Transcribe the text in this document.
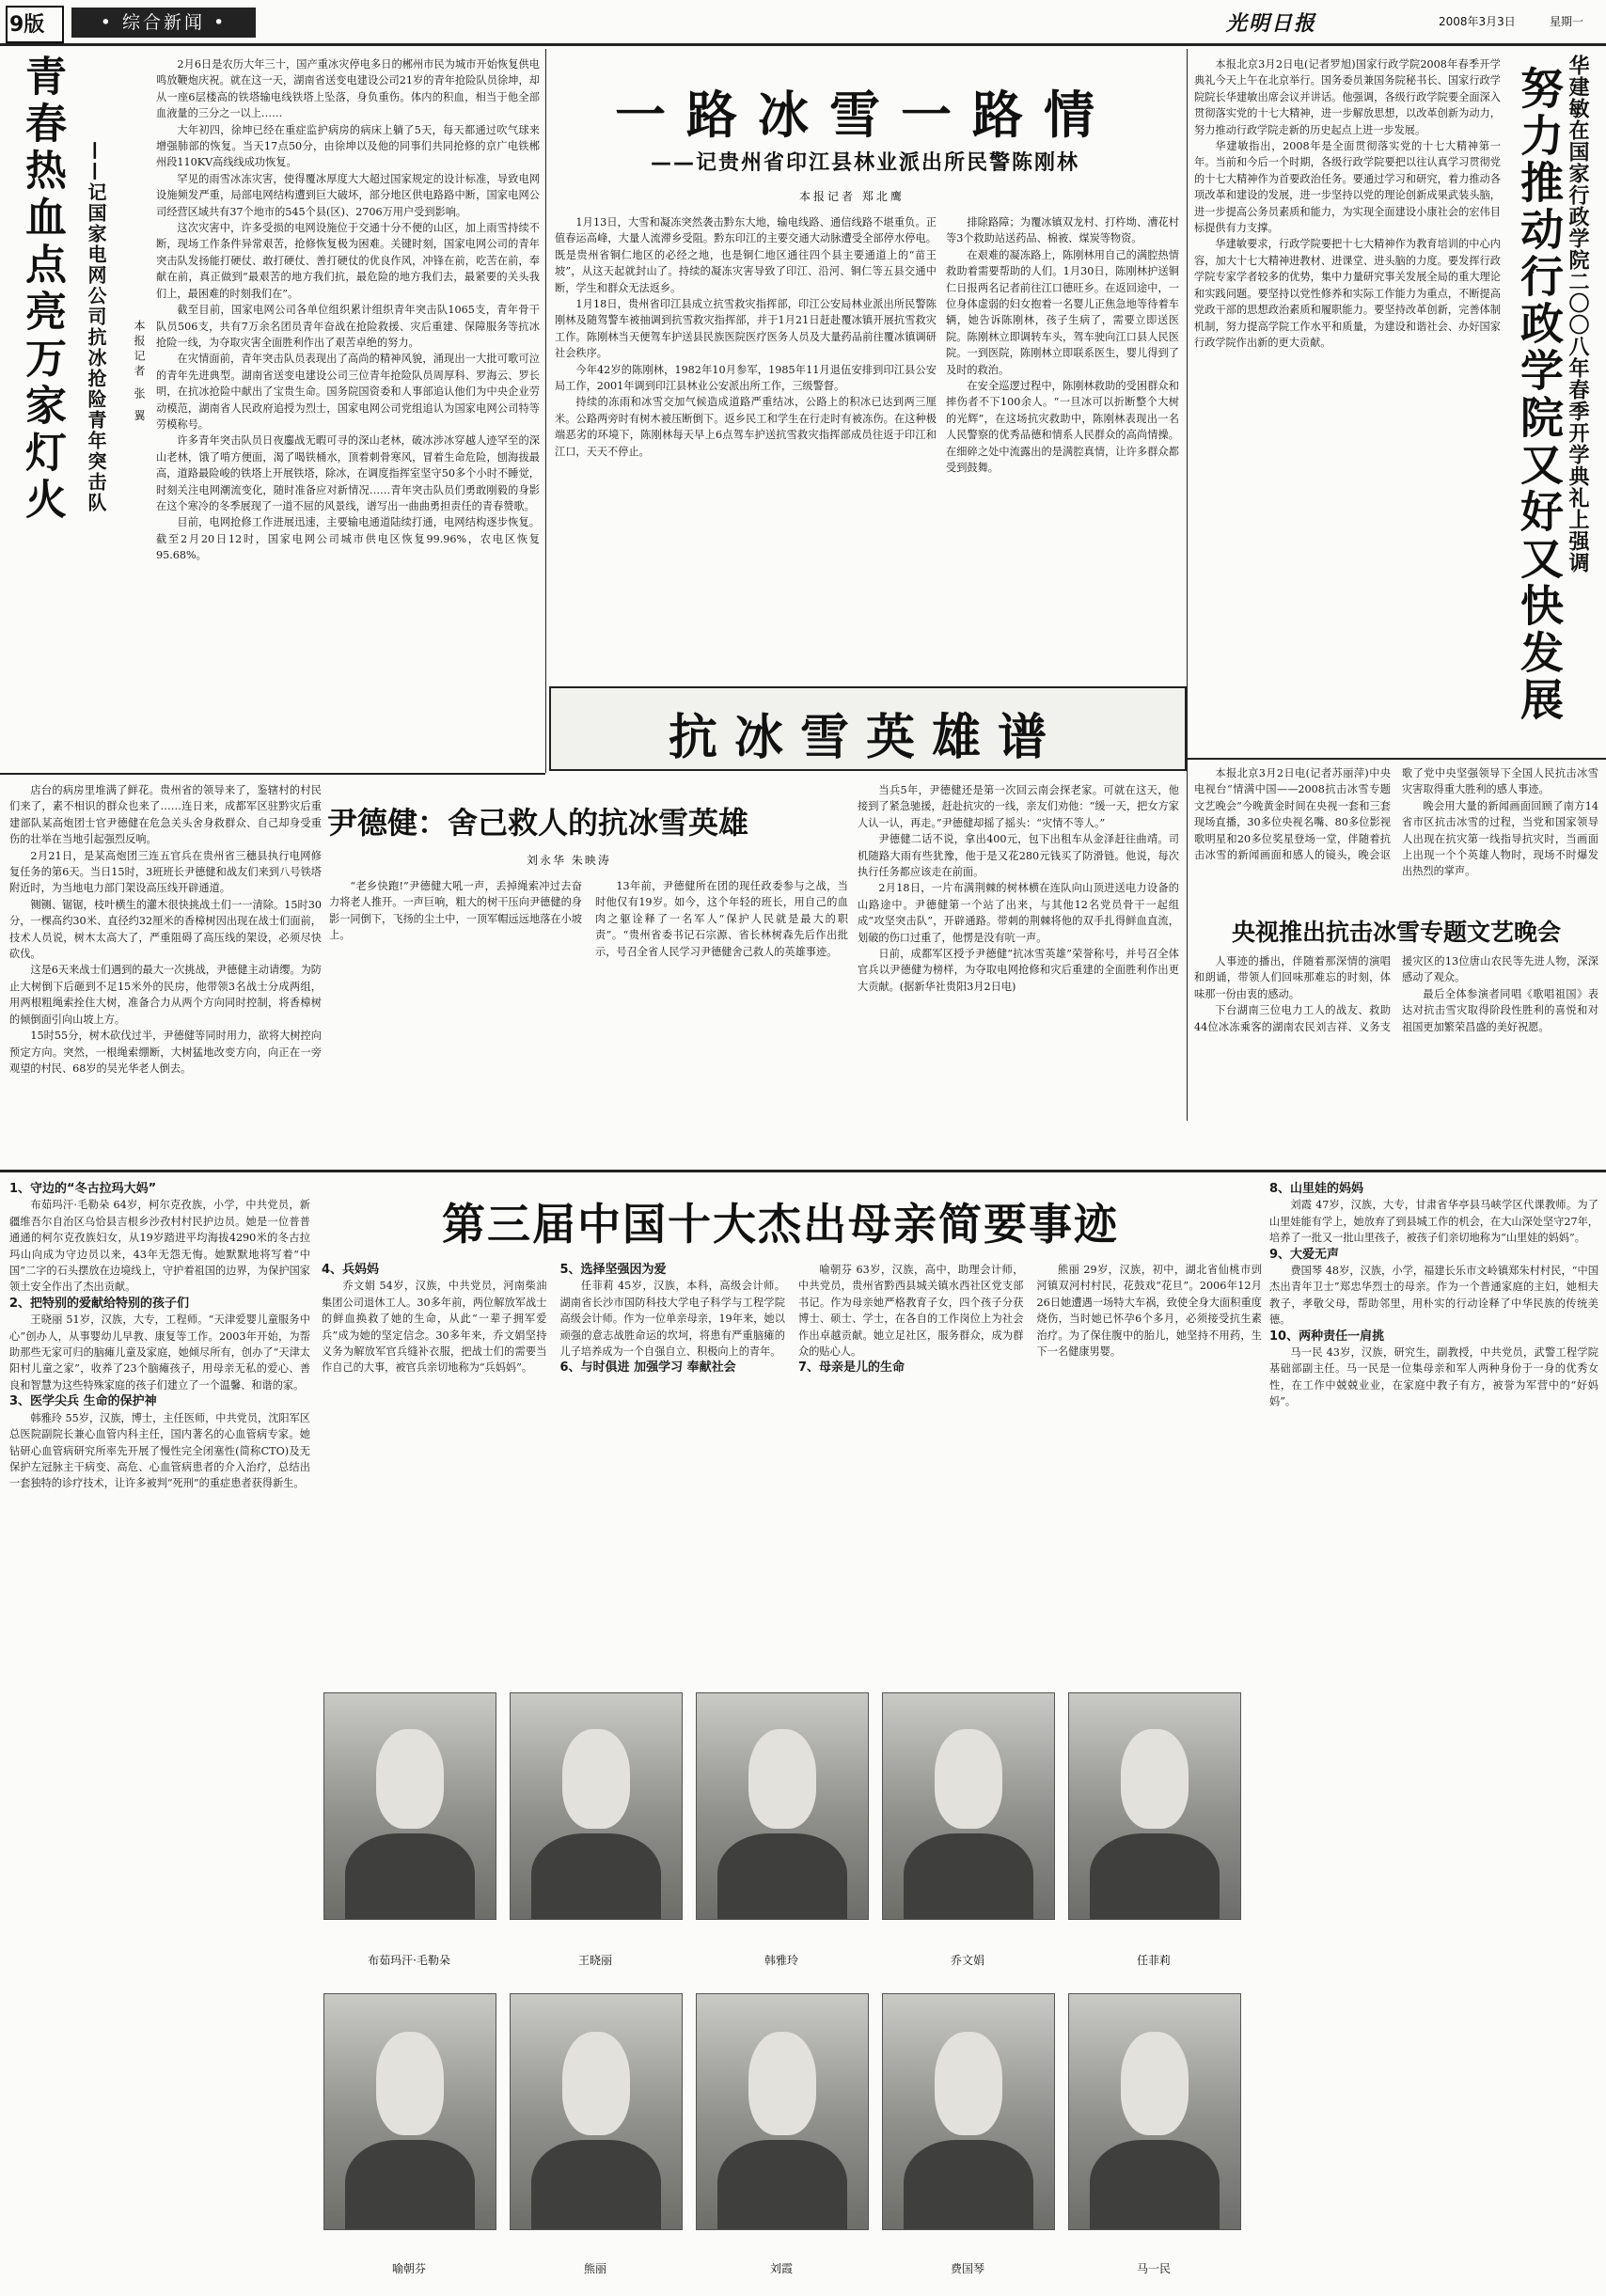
9版	• 综合新闻 •	光明日报	2008年3月3日	星期一
青春热血点亮万家灯火 ——记国家电网公司抗冰抢险青年突击队 本报记者 张 翼

2月6日是农历大年三十，国产重冰灾停电多日的郴州市民为城市开始恢复供电鸣放鞭炮庆祝。就在这一天，湖南省送变电建设公司21岁的青年抢险队员徐坤，却从一座6层楼高的铁塔输电线铁塔上坠落，身负重伤。体内的积血，相当于他全部血液量的三分之一以上……

大年初四，徐坤已经在重症监护病房的病床上躺了5天，每天都通过吹气球来增强肺部的恢复。当天17点50分，由徐坤以及他的同事们共同抢修的京广电铁郴州段110KV高线线成功恢复。

罕见的雨雪冰冻灾害，使得覆冰厚度大大超过国家规定的设计标准，导致电网设施频发严重，局部电网结构遭到巨大破坏，部分地区供电路路中断，国家电网公司经营区域共有37个地市的545个县(区)、2706万用户受到影响。

这次灾害中，许多受损的电网设施位于交通十分不便的山区，加上雨雪持续不断，现场工作条件异常艰苦，抢修恢复极为困难。关键时刻，国家电网公司的青年突击队发扬能打硬仗、敢打硬仗、善打硬仗的优良作风，冲锋在前，吃苦在前，奉献在前，真正做到“最艰苦的地方我们抗，最危险的地方我们去，最紧要的关头我们上，最困难的时刻我们在”。

截至目前，国家电网公司各单位组织累计组织青年突击队1065支，青年骨干队员506支，共有7万余名团员青年奋战在抢险救援、灾后重建、保障服务等抗冰抢险一线，为夺取灾害全面胜利作出了艰苦卓绝的努力。

在灾情面前，青年突击队员表现出了高尚的精神风貌，涌现出一大批可歌可泣的青年先进典型。湖南省送变电建设公司三位青年抢险队员周厚科、罗海云、罗长明，在抗冰抢险中献出了宝贵生命。国务院国资委和人事部追认他们为中央企业劳动模范，湖南省人民政府追授为烈士，国家电网公司党组追认为国家电网公司特等劳模称号。

许多青年突击队员日夜鏖战无暇可寻的深山老林，破冰涉冰穿越人迹罕至的深山老林，饿了啃方便面，渴了喝铁桶水，顶着刺骨寒风，冒着生命危险，刨海拔最高，道路最险峻的铁塔上开展铁塔，除冰，在调度指挥室坚守50多个小时不睡觉，时刻关注电网潮流变化，随时准备应对新情况……青年突击队员们勇敢刚毅的身影在这个寒冷的冬季展现了一道不屈的风景线，谱写出一曲曲勇担责任的青春赞歌。

目前，电网抢修工作进展迅速，主要输电通道陆续打通，电网结构逐步恢复。截至2月20日12时，国家电网公司城市供电区恢复99.96%，农电区恢复95.68%。

一路冰雪一路情
——记贵州省印江县林业派出所民警陈刚林
本报记者 郑北鹰

1月13日，大雪和凝冻突然袭击黔东大地，输电线路、通信线路不堪重负。正值春运高峰，大量人流滞乡受阻。黔东印江的主要交通大动脉遭受全部停水停电。既是贵州省铜仁地区的必经之地，也是铜仁地区通往四个县主要通道上的“苗王坡”，从这天起就封山了。持续的凝冻灾害导致了印江、沿河、铜仁等五县交通中断，学生和群众无法返乡。

1月18日，贵州省印江县成立抗雪救灾指挥部，印江公安局林业派出所民警陈刚林及随驾警车被抽调到抗雪救灾指挥部，并于1月21日赶赴覆冰镇开展抗雪救灾工作。陈刚林当天便驾车护送县民族医院医疗医务人员及大量药品前往覆冰镇调研社会秩序。

今年42岁的陈刚林，1982年10月参军，1985年11月退伍安排到印江县公安局工作，2001年调到印江县林业公安派出所工作，三级警督。

持续的冻雨和冰雪交加气候造成道路严重结冰，公路上的积冰已达到两三厘米。公路两旁时有树木被压断倒下。返乡民工和学生在行走时有被冻伤。在这种极端恶劣的环境下，陈刚林每天早上6点驾车护送抗雪救灾指挥部成员往返于印江和江口，天天不停止。

排除路障；为覆冰镇双龙村、打杵坳、漕花村等3个救助站送药品、棉被、煤炭等物资。

在艰难的凝冻路上，陈刚林用自己的满腔热情救助着需要帮助的人们。1月30日，陈刚林护送铜仁日报两名记者前往江口德旺乡。在返回途中，一位身体虚弱的妇女抱着一名婴儿正焦急地等待着车辆，她告诉陈刚林，孩子生病了，需要立即送医院。陈刚林立即调转车头，驾车驶向江口县人民医院。一到医院，陈刚林立即联系医生，婴儿得到了及时的救治。

在安全巡逻过程中，陈刚林救助的受困群众和摔伤者不下100余人。“一旦冰可以折断整个大树的光辉”，在这场抗灾救助中，陈刚林表现出一名人民警察的优秀品德和情系人民群众的高尚情操。在细碎之处中流露出的是满腔真情，让许多群众都受到鼓舞。

抗冰雪英雄谱
华建敏在国家行政学院二〇〇八年春季开学典礼上强调
努力推动行政学院又好又快发展

本报北京3月2日电(记者罗旭)国家行政学院2008年春季开学典礼今天上午在北京举行。国务委员兼国务院秘书长、国家行政学院院长华建敏出席会议并讲话。他强调，各级行政学院要全面深入贯彻落实党的十七大精神，进一步解放思想，以改革创新为动力，努力推动行政学院走新的历史起点上进一步发展。

华建敏指出，2008年是全面贯彻落实党的十七大精神第一年。当前和今后一个时期，各级行政学院要把以往认真学习贯彻党的十七大精神作为首要政治任务。要通过学习和研究，着力推动各项改革和建设的发展，进一步坚持以党的理论创新成果武装头脑，进一步提高公务员素质和能力，为实现全面建设小康社会的宏伟目标提供有力支撑。

华建敏要求，行政学院要把十七大精神作为教育培训的中心内容，加大十七大精神进教材、进课堂、进头脑的力度。要发挥行政学院专家学者较多的优势，集中力量研究事关发展全局的重大理论和实践问题。要坚持以党性修养和实际工作能力为重点，不断提高党政干部的思想政治素质和履职能力。要坚持改革创新，完善体制机制，努力提高学院工作水平和质量，为建设和谐社会、办好国家行政学院作出新的更大贡献。

店台的病房里堆满了鲜花。贵州省的领导来了，鉴辖村的村民们来了，素不相识的群众也来了……连日来，成都军区驻黔灾后重建部队某高炮团士官尹德健在危急关头舍身救群众、自己却身受重伤的壮举在当地引起强烈反响。

2月21日，是某高炮团三连五官兵在贵州省三穗县执行电网修复任务的第6天。当日15时，3班班长尹德健和战友们来到八号铁塔附近时，为当地电力部门架设高压线开辟通道。

铡铡、锯锯，枝叶横生的灌木很快挑战土们一一清除。15时30分，一棵高约30米、直径约32厘米的香樟树因出现在战士们面前，技术人员说，树木太高大了，严重阻碍了高压线的架设，必须尽快砍伐。

这是6天来战士们遇到的最大一次挑战，尹德健主动请缨。为防止大树倒下后砸到不足15米外的民房，他带领3名战士分成两组，用两根粗绳索拴住大树，准备合力从两个方向同时控制，将香樟树的倾倒面引向山坡上方。

15时55分，树木砍伐过半，尹德健等同时用力，欲将大树控向预定方向。突然，一根绳索绷断，大树猛地改变方向，向正在一旁观望的村民、68岁的吴光华老人倒去。

尹德健：舍己救人的抗冰雪英雄
刘永华 朱映涛

“老乡快跑!”尹德健大吼一声，丢掉绳索冲过去奋力将老人推开。一声巨响，粗大的树干压向尹德健的身影一同倒下，飞扬的尘土中，一顶军帽远远地落在小坡上。

13年前，尹德健所在团的现任政委参与之战，当时他仅有19岁。如今，这个年轻的班长，用自己的血肉之躯诠释了一名军人“保护人民就是最大的职责”。“贵州省委书记石宗源、省长林树森先后作出批示，号召全省人民学习尹德健舍己救人的英雄事迹。

当兵5年，尹德健还是第一次回云南会探老家。可就在这天，他接到了紧急驰援，赶赴抗灾的一线，亲友们劝他：“缓一天，把女方家人认一认，再走。”尹德健却摇了摇头：“灾情不等人。”

尹德健二话不说，拿出400元，包下出租车从金泽赶往曲靖。司机随路大雨有些犹豫，他于是又花280元钱买了防滑链。他说，每次执行任务都应该走在前面。

2月18日，一片布满荆棘的树林横在连队向山顶进送电力设备的山路途中。尹德健第一个站了出来，与其他12名党员骨干一起组成“攻坚突击队”，开辟通路。带刺的荆棘将他的双手扎得鲜血直流，划破的伤口过重了，他愣是没有吭一声。

日前，成都军区授予尹德健“抗冰雪英雄”荣誉称号，并号召全体官兵以尹德健为榜样，为夺取电网抢修和灾后重建的全面胜利作出更大贡献。(据新华社贵阳3月2日电)

本报北京3月2日电(记者苏丽萍)中央电视台“情满中国——2008抗击冰雪专题文艺晚会”今晚黄金时间在央视一套和三套现场直播，30多位央视名嘴、80多位影视歌明星和20多位奖星登场一堂，伴随着抗击冰雪的新闻画面和感人的镜头，晚会讴歌了党中央坚强领导下全国人民抗击冰雪灾害取得重大胜利的感人事迹。

晚会用大量的新闻画面回顾了南方14省市区抗击冰雪的过程，当党和国家领导人出现在抗灾第一线指导抗灾时，当画面上出现一个个英雄人物时，现场不时爆发出热烈的掌声。

央视推出抗击冰雪专题文艺晚会

人事迹的播出，伴随着那深情的演唱和朗诵，带领人们回味那难忘的时刻，体味那一份由衷的感动。

下台湖南三位电力工人的战友、救助44位冰冻乘客的湖南农民刘吉祥、义务支援灾区的13位唐山农民等先进人物，深深感动了观众。

最后全体参演者同唱《歌唱祖国》表达对抗击雪灾取得阶段性胜利的喜悦和对祖国更加繁荣昌盛的美好祝愿。

第三届中国十大杰出母亲简要事迹

1、守边的“冬古拉玛大妈”

布茹玛汗·毛勒朵 64岁，柯尔克孜族，小学，中共党员，新疆维吾尔自治区乌恰县吉根乡沙孜村村民护边员。她是一位普普通通的柯尔克孜族妇女，从19岁踏进平均海拔4290米的冬古拉玛山向成为守边员以来，43年无怨无悔。她默默地将写着“中国”二字的石头摆放在边境线上，守护着祖国的边界，为保护国家领土安全作出了杰出贡献。

2、把特别的爱献给特别的孩子们

王晓丽 51岁，汉族，大专，工程师。“天津爱婴儿童服务中心”创办人，从事婴幼儿早教、康复等工作。2003年开始，为帮助那些无家可归的脑瘫儿童及家庭，她倾尽所有，创办了“天津太阳村儿童之家”，收养了23个脑瘫孩子，用母亲无私的爱心、善良和智慧为这些特殊家庭的孩子们建立了一个温馨、和谐的家。

3、医学尖兵 生命的保护神

韩雅玲 55岁，汉族，博士，主任医师，中共党员，沈阳军区总医院副院长兼心血管内科主任，国内著名的心血管病专家。她钻研心血管病研究所率先开展了慢性完全闭塞性(简称CTO)及无保护左冠脉主干病变、高危、心血管病患者的介入治疗，总结出一套独特的诊疗技术，让许多被判“死刑”的重症患者获得新生。

4、兵妈妈

乔文娟 54岁，汉族，中共党员，河南柴油集团公司退休工人。30多年前，两位解放军战士的鲜血换救了她的生命，从此“一辈子拥军爱兵”成为她的坚定信念。30多年来，乔文娟坚持义务为解放军官兵缝补衣服，把战士们的需要当作自己的大事，被官兵亲切地称为“兵妈妈”。

5、选择坚强因为爱

任菲莉 45岁，汉族，本科，高级会计师。湖南省长沙市国防科技大学电子科学与工程学院高级会计师。作为一位单亲母亲，19年来，她以顽强的意志战胜命运的坎坷，将患有严重脑瘫的儿子培养成为一个自强自立、积极向上的青年。

6、与时俱进 加强学习 奉献社会

喻朝芬 63岁，汉族，高中，助理会计师，中共党员，贵州省黔西县城关镇水西社区党支部书记。作为母亲她严格教育子女，四个孩子分获博士、硕士、学士，在各自的工作岗位上为社会作出卓越贡献。她立足社区，服务群众，成为群众的贴心人。

7、母亲是儿的生命

熊丽 29岁，汉族，初中，湖北省仙桃市剅河镇双河村村民，花鼓戏“花旦”。2006年12月26日她遭遇一场特大车祸，致使全身大面积重度烧伤，当时她已怀孕6个多月，必须接受抗生素治疗。为了保住腹中的胎儿，她坚持不用药，生下一名健康男婴。

8、山里娃的妈妈

刘霞 47岁，汉族，大专，甘肃省华亭县马峡学区代课教师。为了山里娃能有学上，她放弃了到县城工作的机会，在大山深处坚守27年，培养了一批又一批山里孩子，被孩子们亲切地称为“山里娃的妈妈”。

9、大爱无声

费国琴 48岁，汉族，小学，福建长乐市文岭镇郑朱村村民，“中国杰出青年卫士”郑忠华烈士的母亲。作为一个普通家庭的主妇，她相夫教子，孝敬父母，帮助邻里，用朴实的行动诠释了中华民族的传统美德。

10、两种责任一肩挑

马一民 43岁，汉族，研究生，副教授，中共党员，武警工程学院基础部副主任。马一民是一位集母亲和军人两种身份于一身的优秀女性，在工作中兢兢业业，在家庭中教子有方，被誉为军营中的“好妈妈”。

布茹玛汗·毛勒朵	王晓丽	韩雅玲	乔文娟	任菲莉
喻朝芬	熊丽	刘霞	费国琴	马一民
